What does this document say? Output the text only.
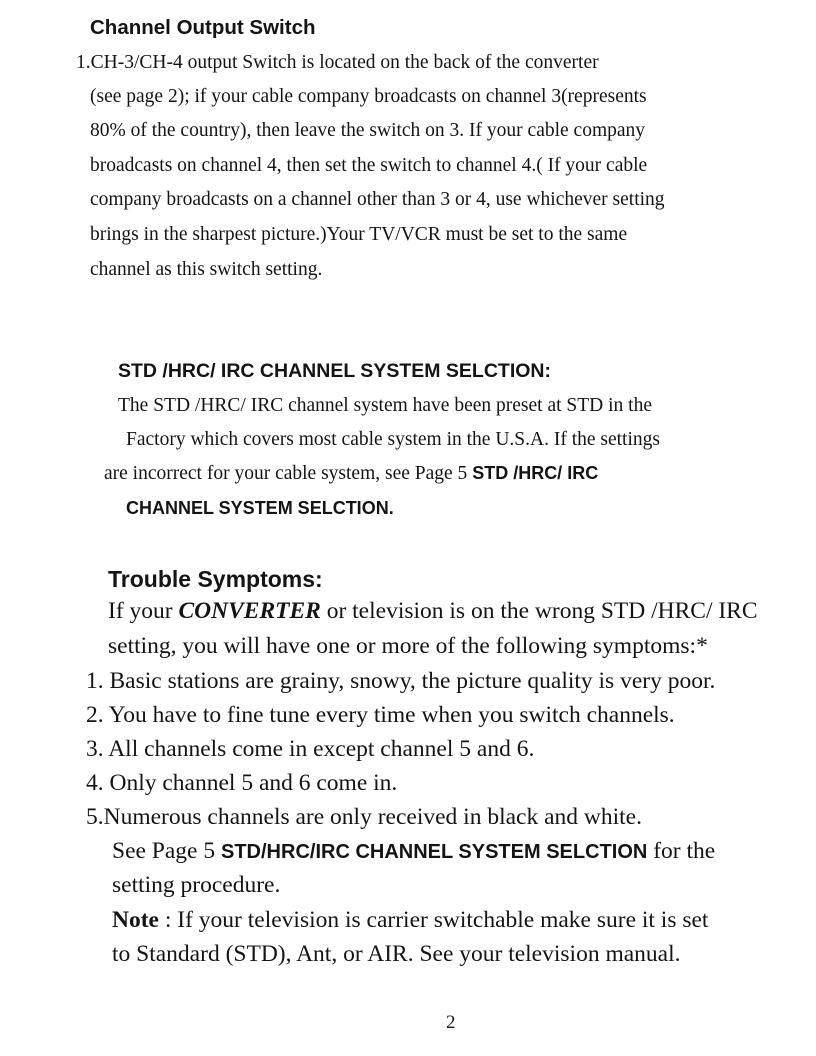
Channel Output Switch
1.CH-3/CH-4 output Switch is located on the back of the converter
(see page 2); if your cable company broadcasts on channel 3(represents
80% of the country), then leave the switch on 3. If your cable company
broadcasts on channel 4, then set the switch to channel 4.( If your cable
company broadcasts on a channel other than 3 or 4, use whichever setting
brings in the sharpest picture.)Your TV/VCR must be set to the same
channel as this switch setting.
STD /HRC/ IRC CHANNEL SYSTEM SELCTION:
The STD /HRC/ IRC channel system have been preset at STD in the
Factory which covers most cable system in the U.S.A. If the settings
are incorrect for your cable system, see Page 5 STD /HRC/ IRC
CHANNEL SYSTEM SELCTION.
Trouble Symptoms:
If your CONVERTER or television is on the wrong STD /HRC/ IRC
setting, you will have one or more of the following symptoms:*
1. Basic stations are grainy, snowy, the picture quality is very poor.
2. You have to fine tune every time when you switch channels.
3. All channels come in except channel 5 and 6.
4. Only channel 5 and 6 come in.
5.Numerous channels are only received in black and white.
See Page 5 STD/HRC/IRC CHANNEL SYSTEM SELCTION for the
setting procedure.
Note : If your television is carrier switchable make sure it is set
to Standard (STD), Ant, or AIR. See your television manual.
2
